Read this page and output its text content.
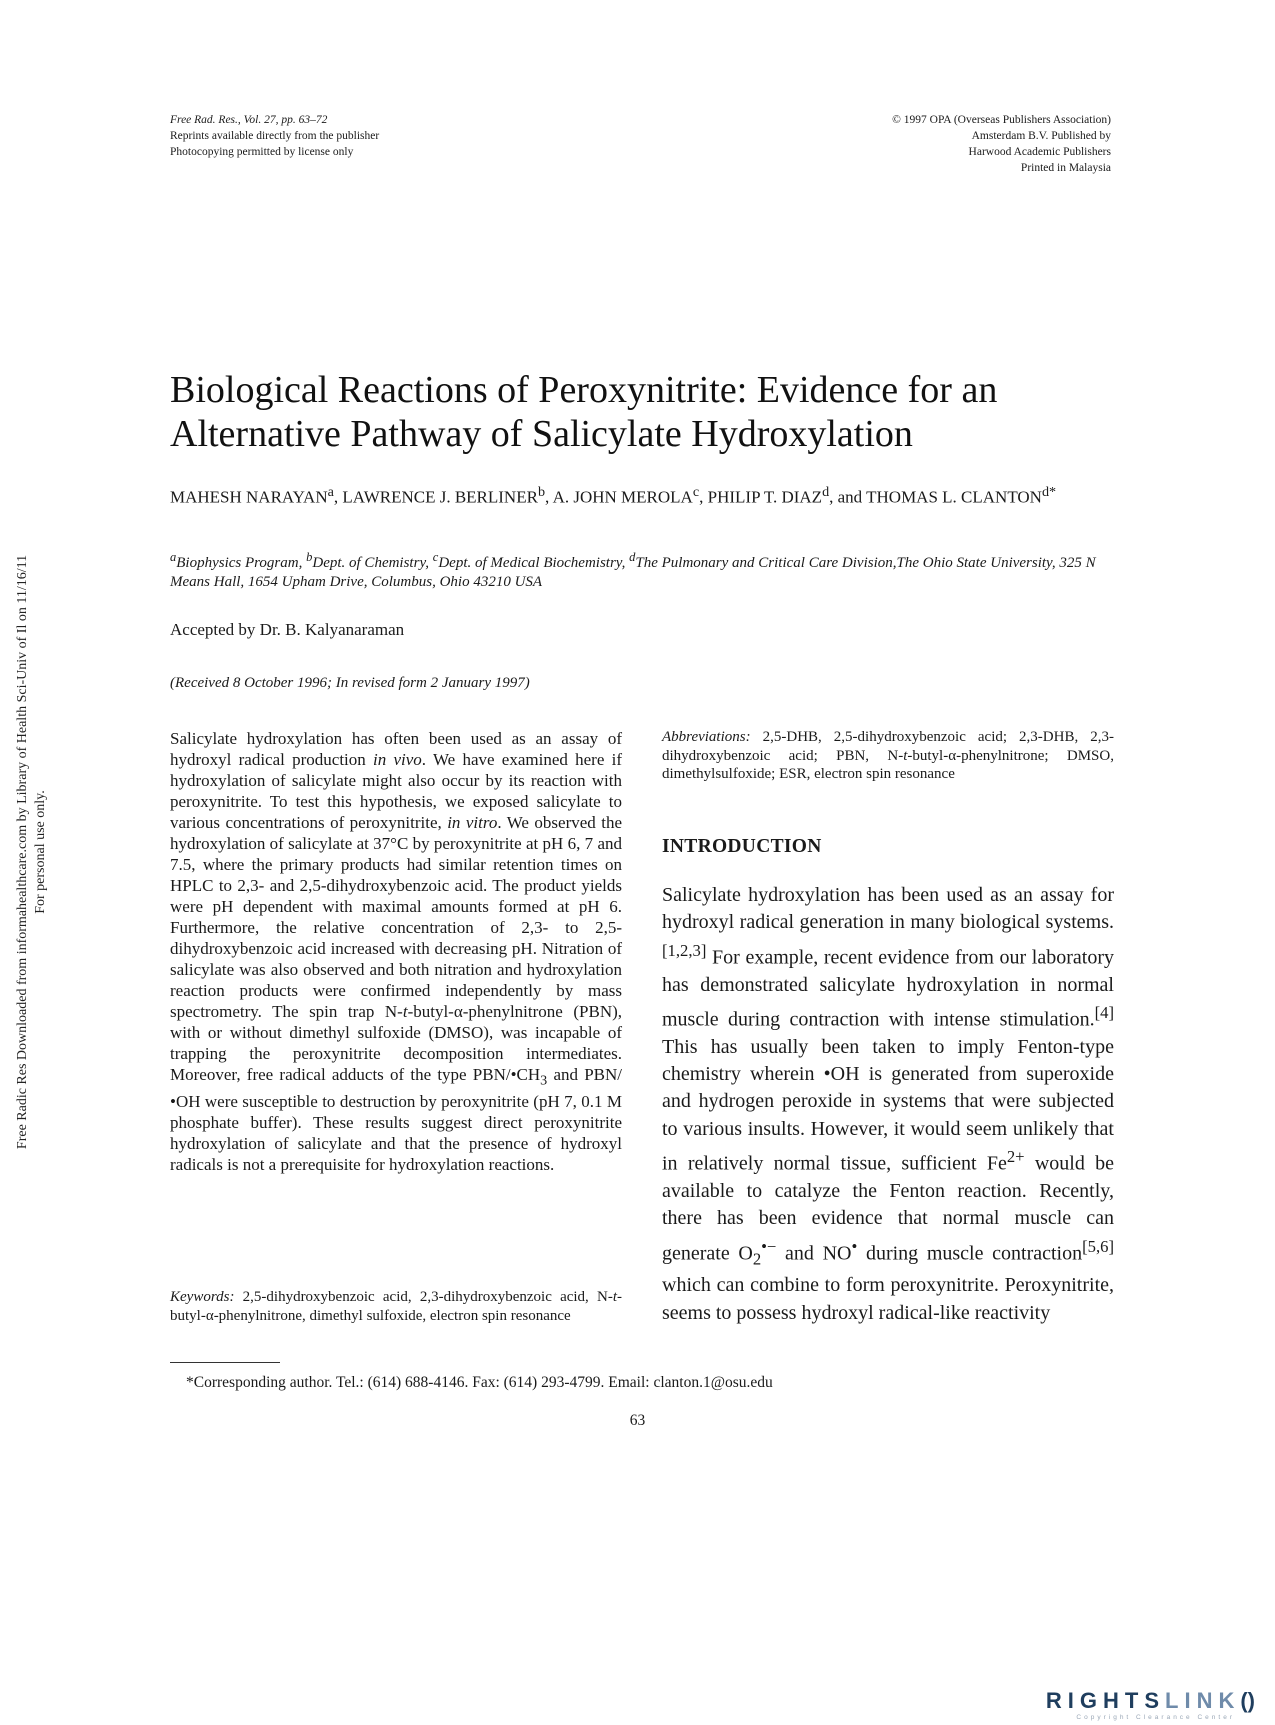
Free Radic Res Downloaded from informahealthcare.com by Library of Health Sci-Univ of Il on 11/16/11 For personal use only.
Free Rad. Res., Vol. 27, pp. 63–72
Reprints available directly from the publisher
Photocopying permitted by license only
© 1997 OPA (Overseas Publishers Association)
Amsterdam B.V. Published by
Harwood Academic Publishers
Printed in Malaysia
Biological Reactions of Peroxynitrite: Evidence for an
Alternative Pathway of Salicylate Hydroxylation
MAHESH NARAYAN$^a$, LAWRENCE J. BERLINER$^b$, A. JOHN MEROLA$^c$, PHILIP T. DIAZ$^d$, and THOMAS L. $CLANTON^{d*}$
$^a$Biophysics Program, $^b$Dept. of Chemistry, $^c$Dept. of Medical Biochemistry, $^d$The Pulmonary and Critical Care Division,The Ohio State University, 325 N Means Hall, 1654 Upham Drive, Columbus, Ohio 43210 USA
Accepted by Dr. B. Kalyanaraman
(Received 8 October 1996; In revised form 2 January 1997)
Salicylate hydroxylation has often been used as an assay of hydroxyl radical production in vivo. We have examined here if hydroxylation of salicylate might also occur by its reaction with peroxynitrite. To test this hypothesis, we exposed salicylate to various concentrations of peroxynitrite, in vitro. We observed the hydroxylation of salicylate at 37°C by peroxynitrite at pH 6, 7 and 7.5, where the primary products had similar retention times on HPLC to 2,3- and 2,5-dihydroxybenzoic acid. The product yields were pH dependent with maximal amounts formed at pH 6. Furthermore, the relative concentration of 2,3- to 2,5-dihydroxybenzoic acid increased with decreasing pH. Nitration of salicylate was also observed and both nitration and hydroxylation reaction products were confirmed independently by mass spectrometry. The spin trap N-t-butyl-α-phenylnitrone (PBN), with or without dimethyl sulfoxide (DMSO), was incapable of trapping the peroxynitrite decomposition intermediates. Moreover, free radical adducts of the type PBN/$•CH_3$ and PBN/•OH were susceptible to destruction by peroxynitrite (pH 7, 0.1 M phosphate buffer). These results suggest direct peroxynitrite hydroxylation of salicylate and that the presence of hydroxyl radicals is not a prerequisite for hydroxylation reactions.
Keywords: 2,5-dihydroxybenzoic acid, 2,3-dihydroxybenzoic acid, N-t-butyl-α-phenylnitrone, dimethyl sulfoxide, electron spin resonance
Abbreviations: 2,5-DHB, 2,5-dihydroxybenzoic acid; 2,3-DHB, 2,3-dihydroxybenzoic acid; PBN, N-t-butyl-α-phenylnitrone; DMSO, dimethylsulfoxide; ESR, electron spin resonance
INTRODUCTION
Salicylate hydroxylation has been used as an assay for hydroxyl radical generation in many biological systems.[1,2,3] For example, recent evidence from our laboratory has demonstrated salicylate hydroxylation in normal muscle during contraction with intense stimulation.[4] This has usually been taken to imply Fenton-type chemistry wherein •OH is generated from superoxide and hydrogen peroxide in systems that were subjected to various insults. However, it would seem unlikely that in relatively normal tissue, sufficient $Fe^{2+}$ would be available to catalyze the Fenton reaction. Recently, there has been evidence that normal muscle can generate $O_2^{•-}$ and NO• during muscle contraction[5,6] which can combine to form peroxynitrite. Peroxynitrite, seems to possess hydroxyl radical-like reactivity
*Corresponding author. Tel.: (614) 688-4146. Fax: (614) 293-4799. Email: clanton.1@osu.edu
63
RIGHTSLINK()
Copyright Clearance Center
